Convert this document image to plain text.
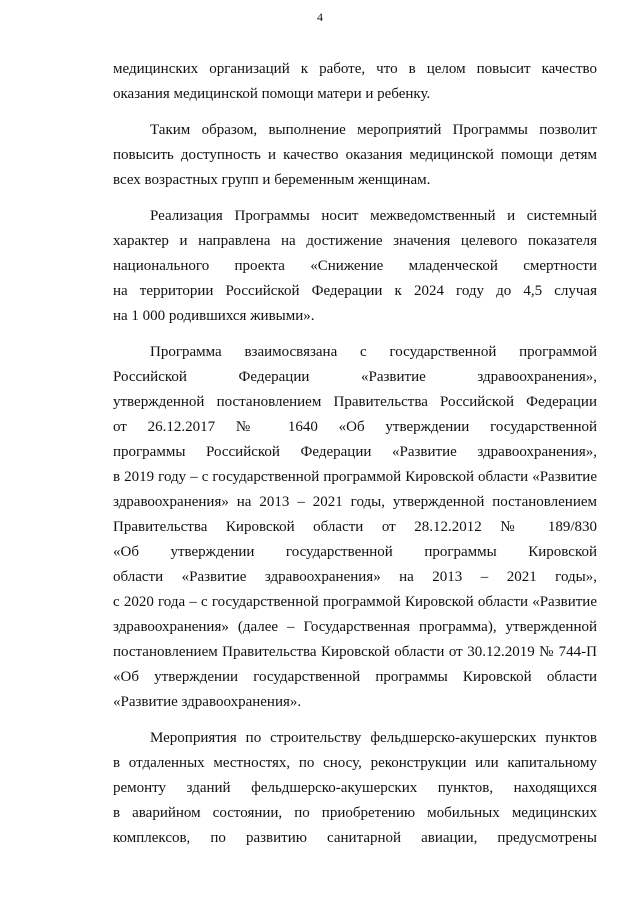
4
медицинских организаций к работе, что в целом повысит качество
оказания медицинской помощи матери и ребенку.
Таким образом, выполнение мероприятий Программы позволит
повысить доступность и качество оказания медицинской помощи детям
всех возрастных групп и беременным женщинам.
Реализация Программы носит межведомственный и системный
характер и направлена на достижение значения целевого показателя
национального проекта «Снижение младенческой смертности
на территории Российской Федерации к 2024 году до 4,5 случая
на 1 000 родившихся живыми».
Программа взаимосвязана с государственной программой
Российской Федерации «Развитие здравоохранения»,
утвержденной постановлением Правительства Российской Федерации
от 26.12.2017 № 1640 «Об утверждении государственной
программы Российской Федерации «Развитие здравоохранения»,
в 2019 году – с государственной программой Кировской области «Развитие
здравоохранения» на 2013 – 2021 годы, утвержденной постановлением
Правительства Кировской области от 28.12.2012 № 189/830
«Об утверждении государственной программы Кировской
области «Развитие здравоохранения» на 2013 – 2021 годы»,
с 2020 года – с государственной программой Кировской области «Развитие
здравоохранения» (далее – Государственная программа), утвержденной
постановлением Правительства Кировской области от 30.12.2019 № 744-П
«Об утверждении государственной программы Кировской области
«Развитие здравоохранения».
Мероприятия по строительству фельдшерско-акушерских пунктов
в отдаленных местностях, по сносу, реконструкции или капитальному
ремонту зданий фельдшерско-акушерских пунктов, находящихся
в аварийном состоянии, по приобретению мобильных медицинских
комплексов, по развитию санитарной авиации, предусмотрены
